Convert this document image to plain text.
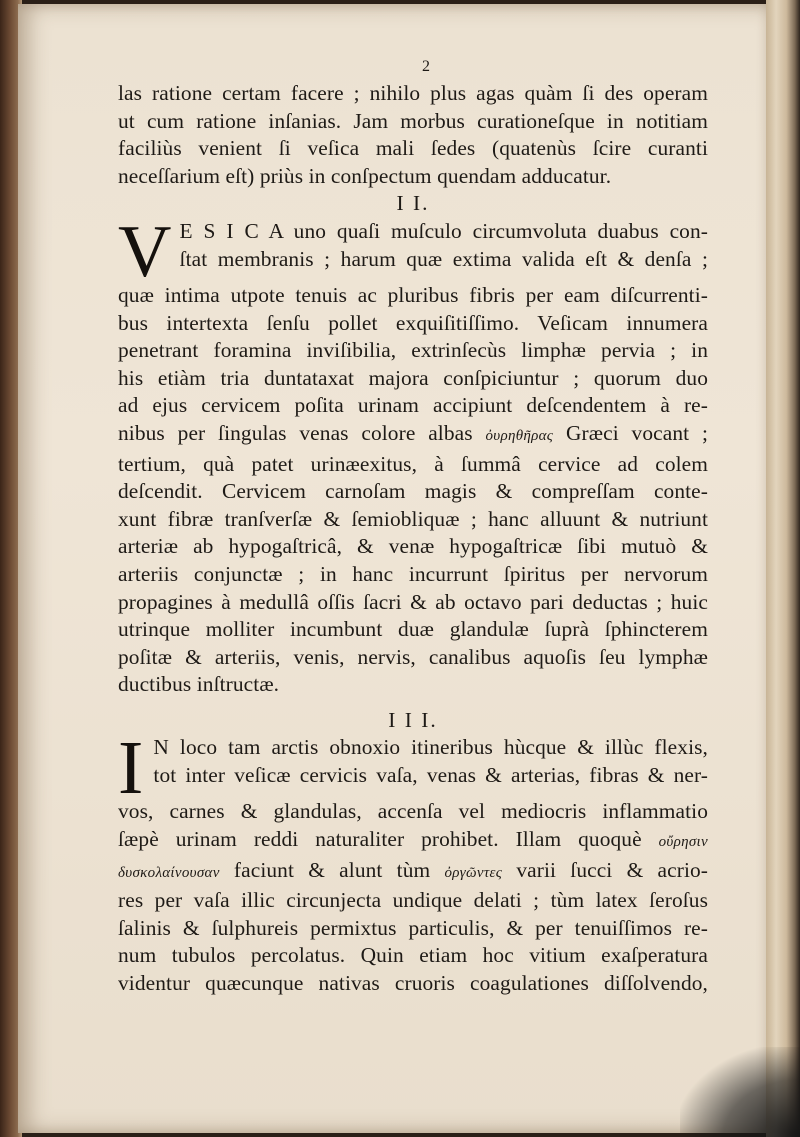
2
las ratione certam facere ; nihilo plus agas quàm ſi des operam
ut cum ratione inſanias. Jam morbus curationeſque in notitiam
faciliùs venient ſi veſica mali ſedes (quatenùs ſcire curanti
neceſſarium eſt) priùs in conſpectum quendam adducatur.
I I.
V E S I C A uno quaſi muſculo circumvoluta duabus con-
ſtat membranis ; harum quæ extima valida eſt & denſa ;
quæ intima utpote tenuis ac pluribus fibris per eam diſcurrenti-
bus intertexta ſenſu pollet exquiſitiſſimo. Veſicam innumera
penetrant foramina inviſibilia, extrinſecùs limphæ pervia ; in
his etiàm tria duntataxat majora conſpiciuntur ; quorum duo
ad ejus cervicem poſita urinam accipiunt deſcendentem à re-
nibus per ſingulas venas colore albas ὀυρηθῆρας Græci vocant ;
tertium, quà patet urinæexitus, à ſummâ cervice ad colem
deſcendit. Cervicem carnoſam magis & compreſſam conte-
xunt fibræ tranſverſæ & ſemiobliquæ ; hanc alluunt & nutriunt
arteriæ ab hypogaſtricâ, & venæ hypogaſtricæ ſibi mutuò &
arteriis conjunctæ ; in hanc incurrunt ſpiritus per nervorum
propagines à medullâ oſſis ſacri & ab octavo pari deductas ; huic
utrinque molliter incumbunt duæ glandulæ ſuprà ſphincterem
poſitæ & arteriis, venis, nervis, canalibus aquoſis ſeu lymphæ
ductibus inſtructæ.
I I I.
I N loco tam arctis obnoxio itineribus hùcque & illùc flexis,
tot inter veſicæ cervicis vaſa, venas & arterias, fibras & ner-
vos, carnes & glandulas, accenſa vel mediocris inflammatio
ſæpè urinam reddi naturaliter prohibet. Illam quoquè οὔρησιν
δυσκολαίνουσαν faciunt & alunt tùm ὀργῶντες varii ſucci & acrio-
res per vaſa illic circunjecta undique delati ; tùm latex ſeroſus
ſalinis & ſulphureis permixtus particulis, & per tenuiſſimos re-
num tubulos percolatus. Quin etiam hoc vitium exaſperatura
videntur quæcunque nativas cruoris coagulationes diſſolvendo,
